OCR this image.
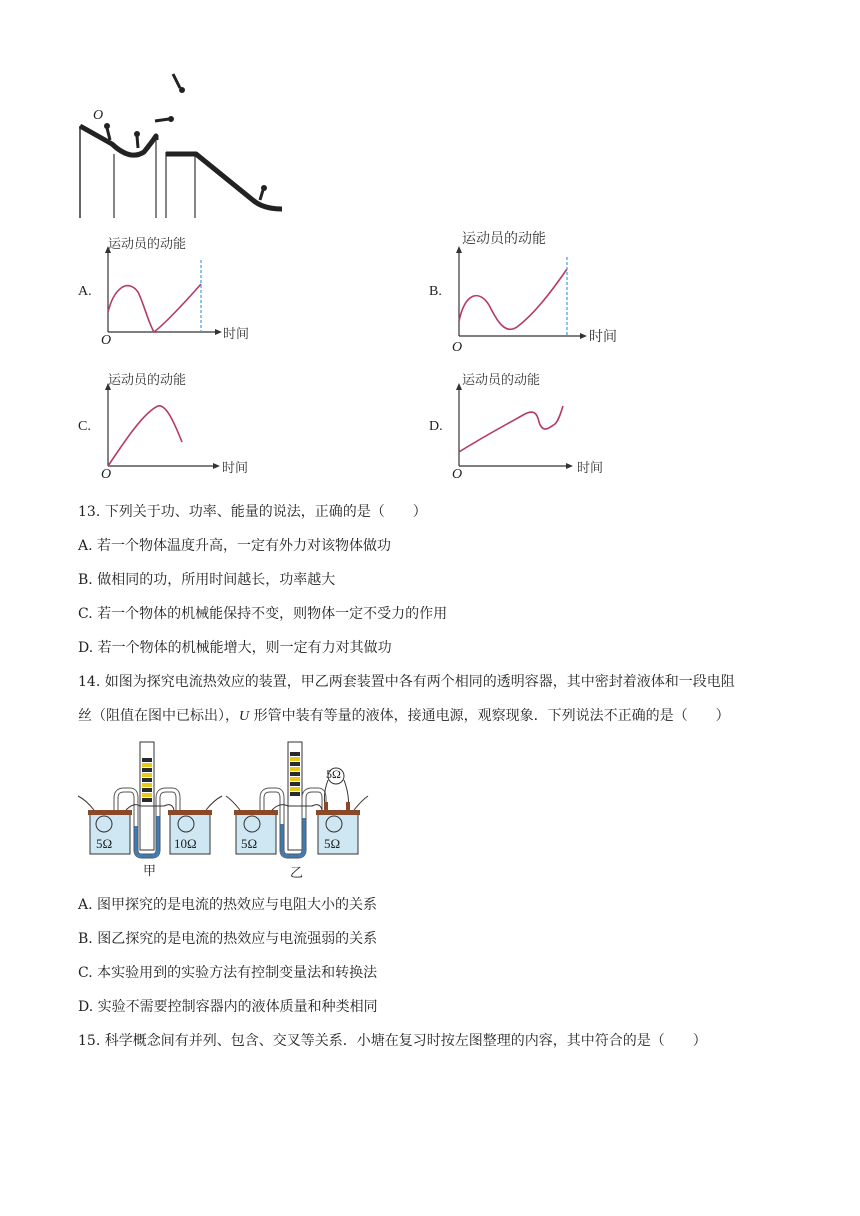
O
A.
运动员的动能
时间
O
B.
运动员的动能
时间
O
C.
运动员的动能
时间
O
D.
运动员的动能
时间
O
13. 下列关于功、功率、能量的说法，正确的是（　　）
A. 若一个物体温度升高，一定有外力对该物体做功
B. 做相同的功，所用时间越长，功率越大
C. 若一个物体的机械能保持不变，则物体一定不受力的作用
D. 若一个物体的机械能增大，则一定有力对其做功
14. 如图为探究电流热效应的装置，甲乙两套装置中各有两个相同的透明容器，其中密封着液体和一段电阻
丝（阻值在图中已标出），U 形管中装有等量的液体，接通电源，观察现象．下列说法不正确的是（　　）
5Ω	10Ω
甲
5Ω	5Ω
5Ω
乙
A. 图甲探究的是电流的热效应与电阻大小的关系
B. 图乙探究的是电流的热效应与电流强弱的关系
C. 本实验用到的实验方法有控制变量法和转换法
D. 实验不需要控制容器内的液体质量和种类相同
15. 科学概念间有并列、包含、交叉等关系．小塘在复习时按左图整理的内容，其中符合的是（　　）
